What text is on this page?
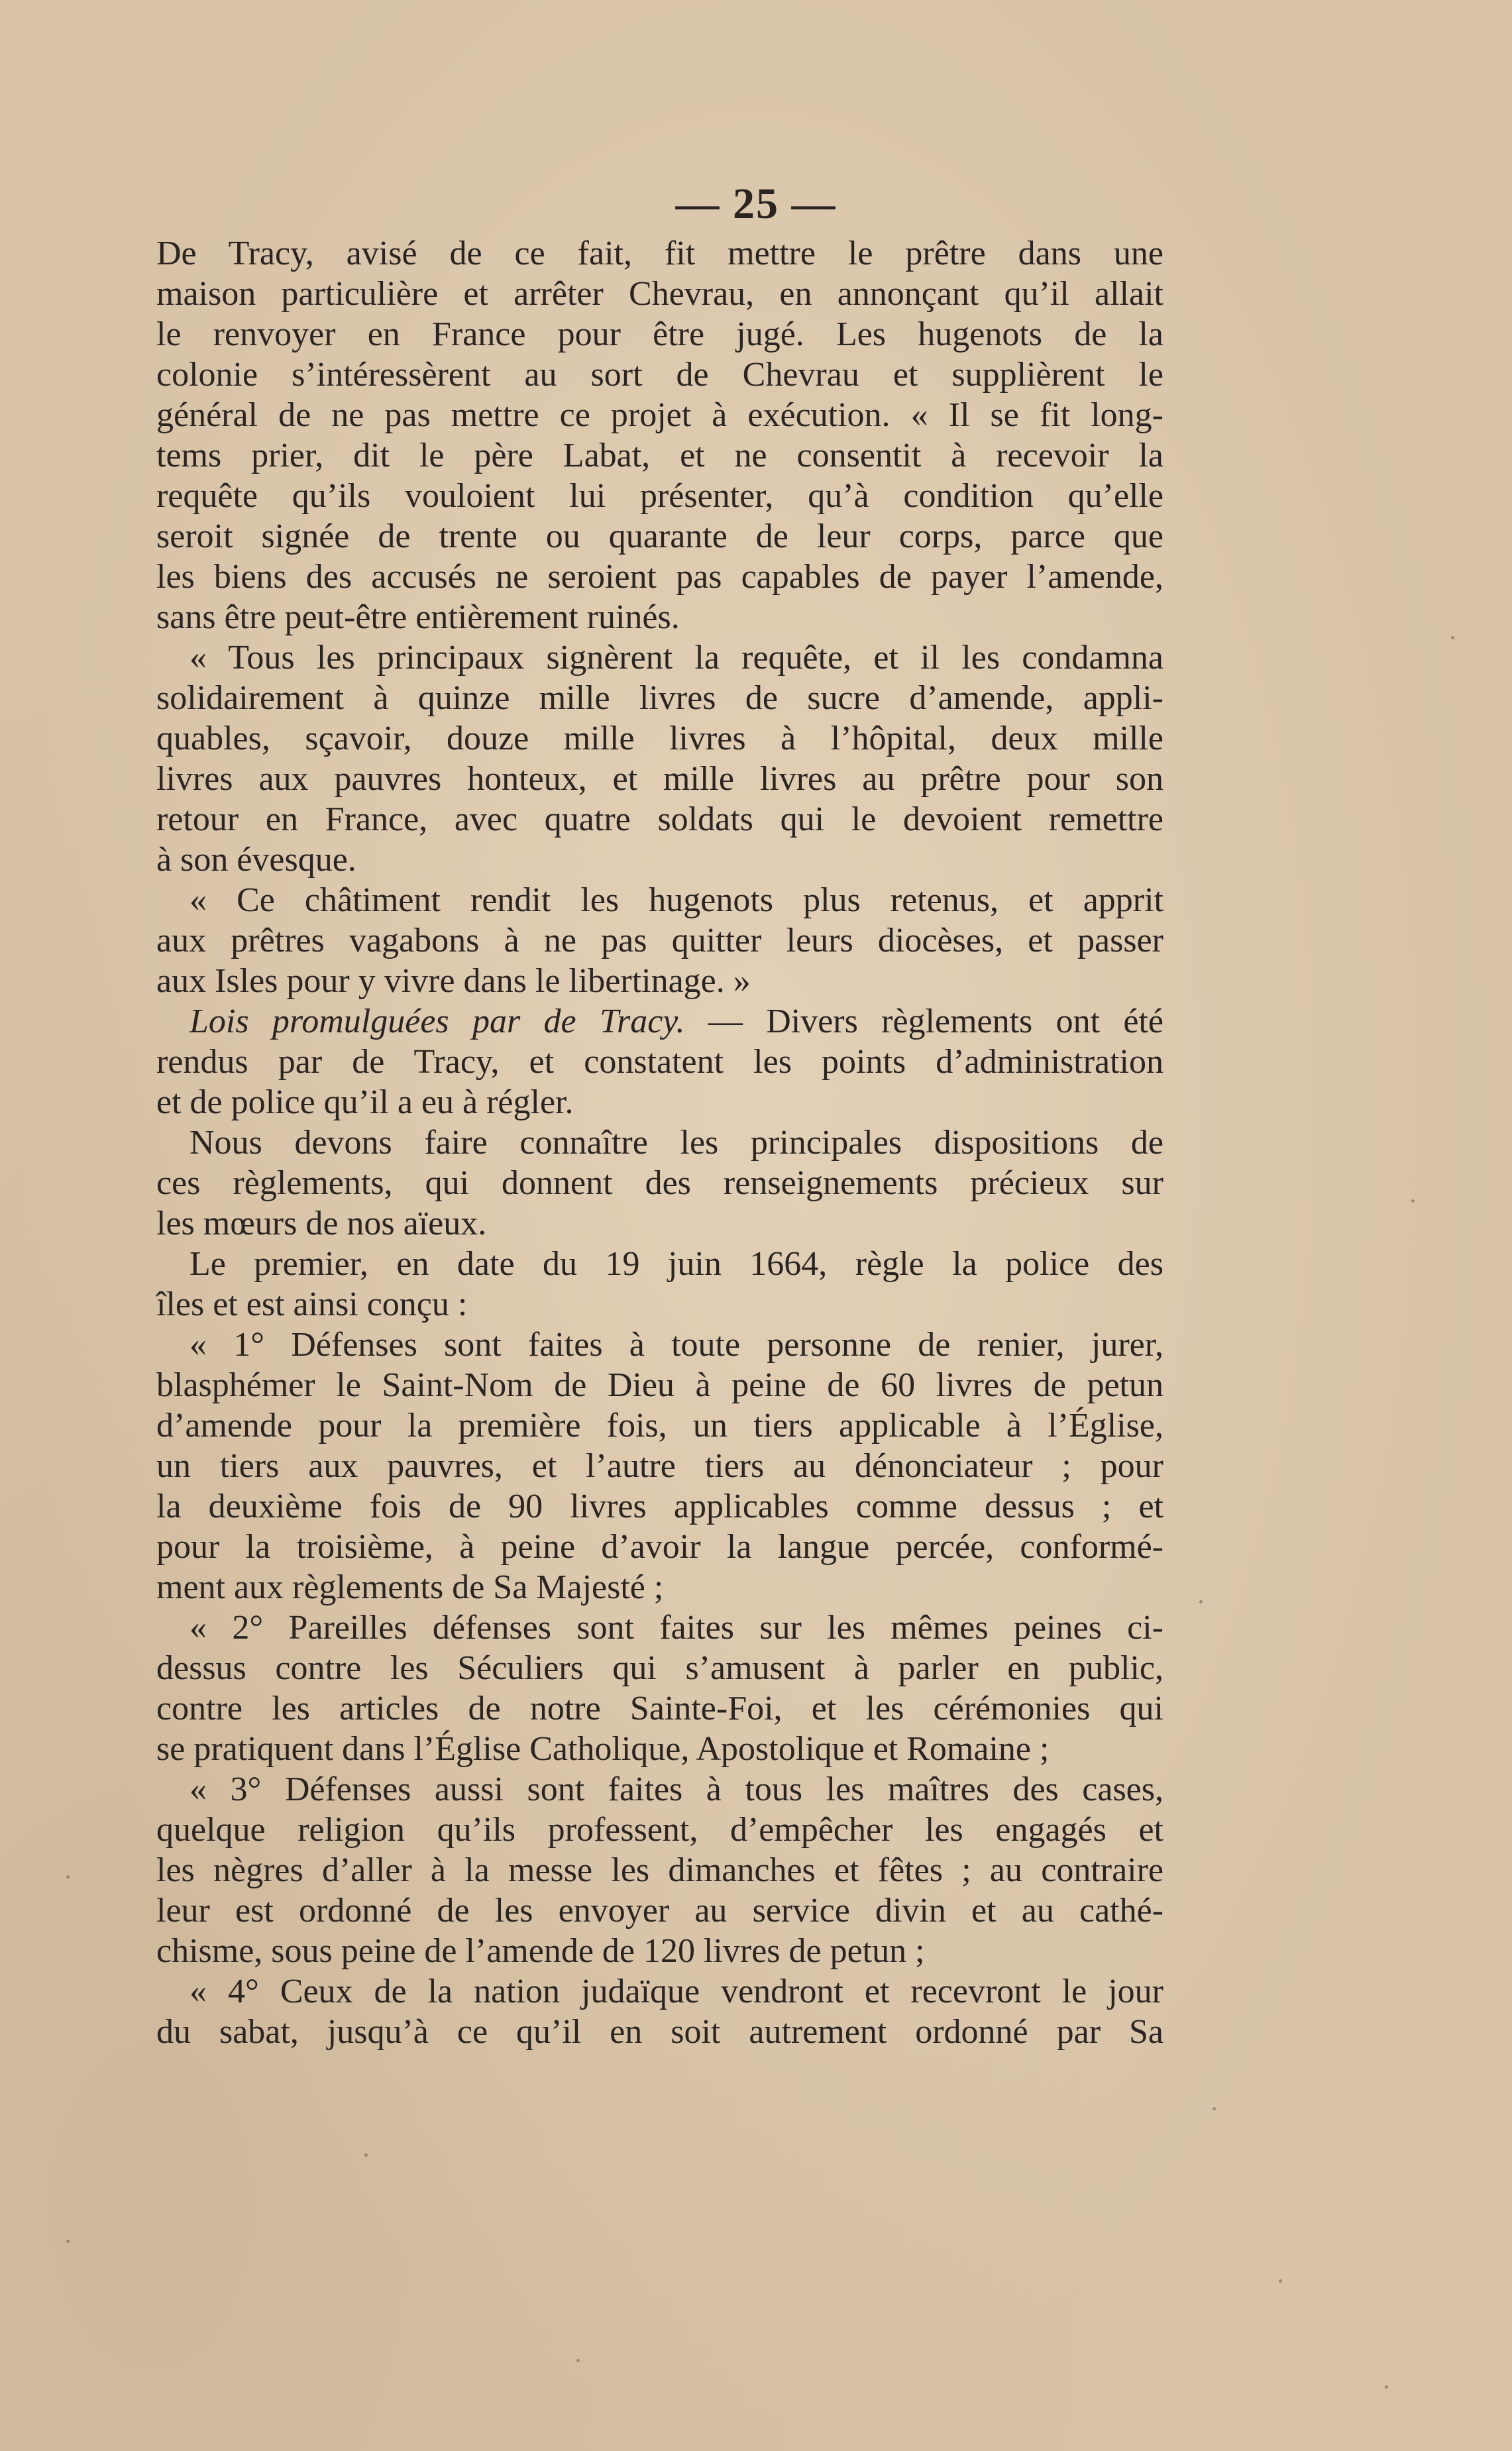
— 25 —

De Tracy, avisé de ce fait, fit mettre le prêtre dans une
maison particulière et arrêter Chevrau, en annonçant qu’il allait
le renvoyer en France pour être jugé. Les hugenots de la
colonie s’intéressèrent au sort de Chevrau et supplièrent le
général de ne pas mettre ce projet à exécution. « Il se fit long-
tems prier, dit le père Labat, et ne consentit à recevoir la
requête qu’ils vouloient lui présenter, qu’à condition qu’elle
seroit signée de trente ou quarante de leur corps, parce que
les biens des accusés ne seroient pas capables de payer l’amende,
sans être peut-être entièrement ruinés.
« Tous les principaux signèrent la requête, et il les condamna
solidairement à quinze mille livres de sucre d’amende, appli-
quables, sçavoir, douze mille livres à l’hôpital, deux mille
livres aux pauvres honteux, et mille livres au prêtre pour son
retour en France, avec quatre soldats qui le devoient remettre
à son évesque.
« Ce châtiment rendit les hugenots plus retenus, et apprit
aux prêtres vagabons à ne pas quitter leurs diocèses, et passer
aux Isles pour y vivre dans le libertinage. »
Lois promulguées par de Tracy. — Divers règlements ont été
rendus par de Tracy, et constatent les points d’administration
et de police qu’il a eu à régler.
Nous devons faire connaître les principales dispositions de
ces règlements, qui donnent des renseignements précieux sur
les mœurs de nos aïeux.
Le premier, en date du 19 juin 1664, règle la police des
îles et est ainsi conçu :
« 1° Défenses sont faites à toute personne de renier, jurer,
blasphémer le Saint-Nom de Dieu à peine de 60 livres de petun
d’amende pour la première fois, un tiers applicable à l’Église,
un tiers aux pauvres, et l’autre tiers au dénonciateur ; pour
la deuxième fois de 90 livres applicables comme dessus ; et
pour la troisième, à peine d’avoir la langue percée, conformé-
ment aux règlements de Sa Majesté ;
« 2° Pareilles défenses sont faites sur les mêmes peines ci-
dessus contre les Séculiers qui s’amusent à parler en public,
contre les articles de notre Sainte-Foi, et les cérémonies qui
se pratiquent dans l’Église Catholique, Apostolique et Romaine ;
« 3° Défenses aussi sont faites à tous les maîtres des cases,
quelque religion qu’ils professent, d’empêcher les engagés et
les nègres d’aller à la messe les dimanches et fêtes ; au contraire
leur est ordonné de les envoyer au service divin et au cathé-
chisme, sous peine de l’amende de 120 livres de petun ;
« 4° Ceux de la nation judaïque vendront et recevront le jour
du sabat, jusqu’à ce qu’il en soit autrement ordonné par Sa
